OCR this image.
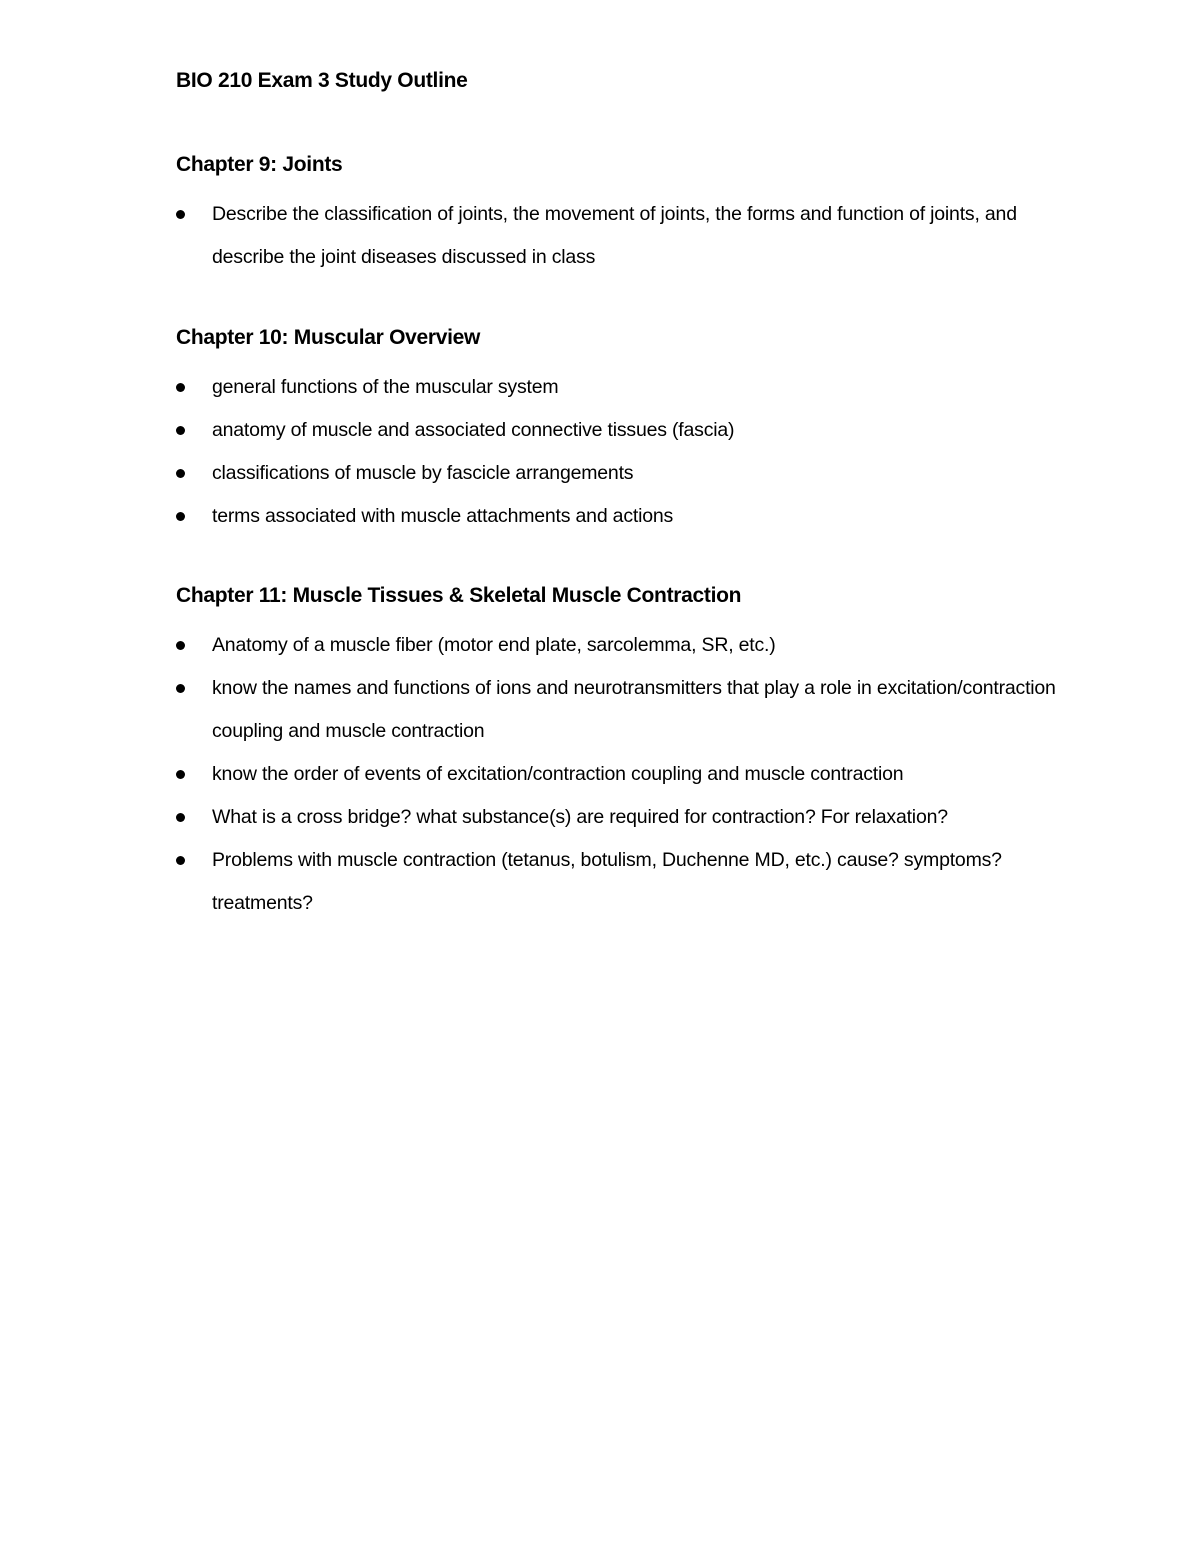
BIO 210 Exam 3 Study Outline
Chapter 9: Joints
Describe the classification of joints, the movement of joints, the forms and function of joints, and describe the joint diseases discussed in class
Chapter 10: Muscular Overview
general functions of the muscular system
anatomy of muscle and associated connective tissues (fascia)
classifications of muscle by fascicle arrangements
terms associated with muscle attachments and actions
Chapter 11: Muscle Tissues & Skeletal Muscle Contraction
Anatomy of a muscle fiber (motor end plate, sarcolemma, SR, etc.)
know the names and functions of ions and neurotransmitters that play a role in excitation/contraction coupling and muscle contraction
know the order of events of excitation/contraction coupling and muscle contraction
What is a cross bridge? what substance(s) are required for contraction? For relaxation?
Problems with muscle contraction (tetanus, botulism, Duchenne MD, etc.) cause? symptoms? treatments?
